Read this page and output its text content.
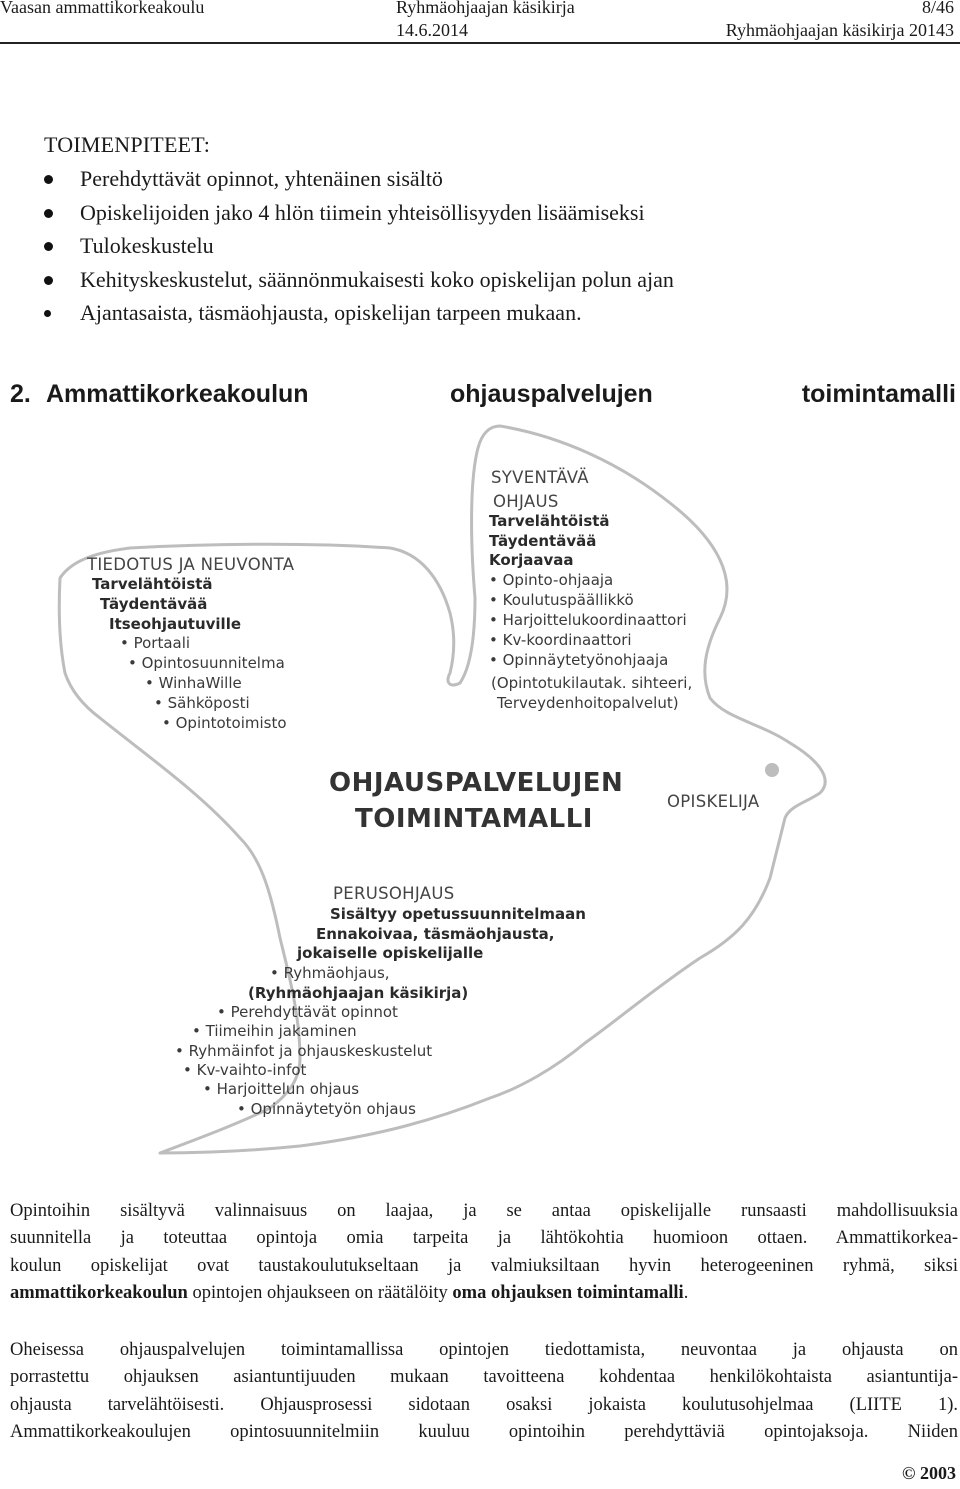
Vaasan ammattikorkeakoulu	Ryhmäohjaajan käsikirja	8/46
14.6.2014	Ryhmäohjaajan käsikirja 20143
TOIMENPITEET:
Perehdyttävät opinnot, yhtenäinen sisältö
Opiskelijoiden jako 4 hlön tiimein yhteisöllisyyden lisäämiseksi
Tulokeskustelu
Kehityskeskustelut, säännönmukaisesti koko opiskelijan polun ajan
Ajantasaista, täsmäohjausta, opiskelijan tarpeen mukaan.
2. Ammattikorkeakoulun	ohjauspalvelujen	toimintamalli
TIEDOTUS JA NEUVONTA
Tarvelähtöistä
Täydentävää
Itseohjautuville
• Portaali
• Opintosuunnitelma
• WinhaWille
• Sähköposti
• Opintotoimisto
SYVENTÄVÄ
OHJAUS
Tarvelähtöistä
Täydentävää
Korjaavaa
• Opinto-ohjaaja
• Koulutuspäällikkö
• Harjoittelukoordinaattori
• Kv-koordinaattori
• Opinnäytetyönohjaaja
(Opintotukilautak. sihteeri,
Terveydenhoitopalvelut)
OHJAUSPALVELUJEN
TOIMINTAMALLI
OPISKELIJA
PERUSOHJAUS
Sisältyy opetussuunnitelmaan
Ennakoivaa, täsmäohjausta,
jokaiselle opiskelijalle
• Ryhmäohjaus,
(Ryhmäohjaajan käsikirja)
• Perehdyttävät opinnot
• Tiimeihin jakaminen
• Ryhmäinfot ja ohjauskeskustelut
• Kv-vaihto-infot
• Harjoittelun ohjaus
• Opinnäytetyön ohjaus
Opintoihin sisältyvä valinnaisuus on laajaa, ja se antaa opiskelijalle runsaasti mahdollisuuksia
suunnitella ja toteuttaa opintoja omia tarpeita ja lähtökohtia huomioon ottaen. Ammattikorkea-
koulun opiskelijat ovat taustakoulutukseltaan ja valmiuksiltaan hyvin heterogeeninen ryhmä, siksi
ammattikorkeakoulun opintojen ohjaukseen on räätälöity oma ohjauksen toimintamalli.
Oheisessa ohjauspalvelujen toimintamallissa opintojen tiedottamista, neuvontaa ja ohjausta on
porrastettu ohjauksen asiantuntijuuden mukaan tavoitteena kohdentaa henkilökohtaista asiantuntija-
ohjausta tarvelähtöisesti. Ohjausprosessi sidotaan osaksi jokaista koulutusohjelmaa (LIITE 1).
Ammattikorkeakoulujen opintosuunnitelmiin kuuluu opintoihin perehdyttäviä opintojaksoja. Niiden
© 2003
